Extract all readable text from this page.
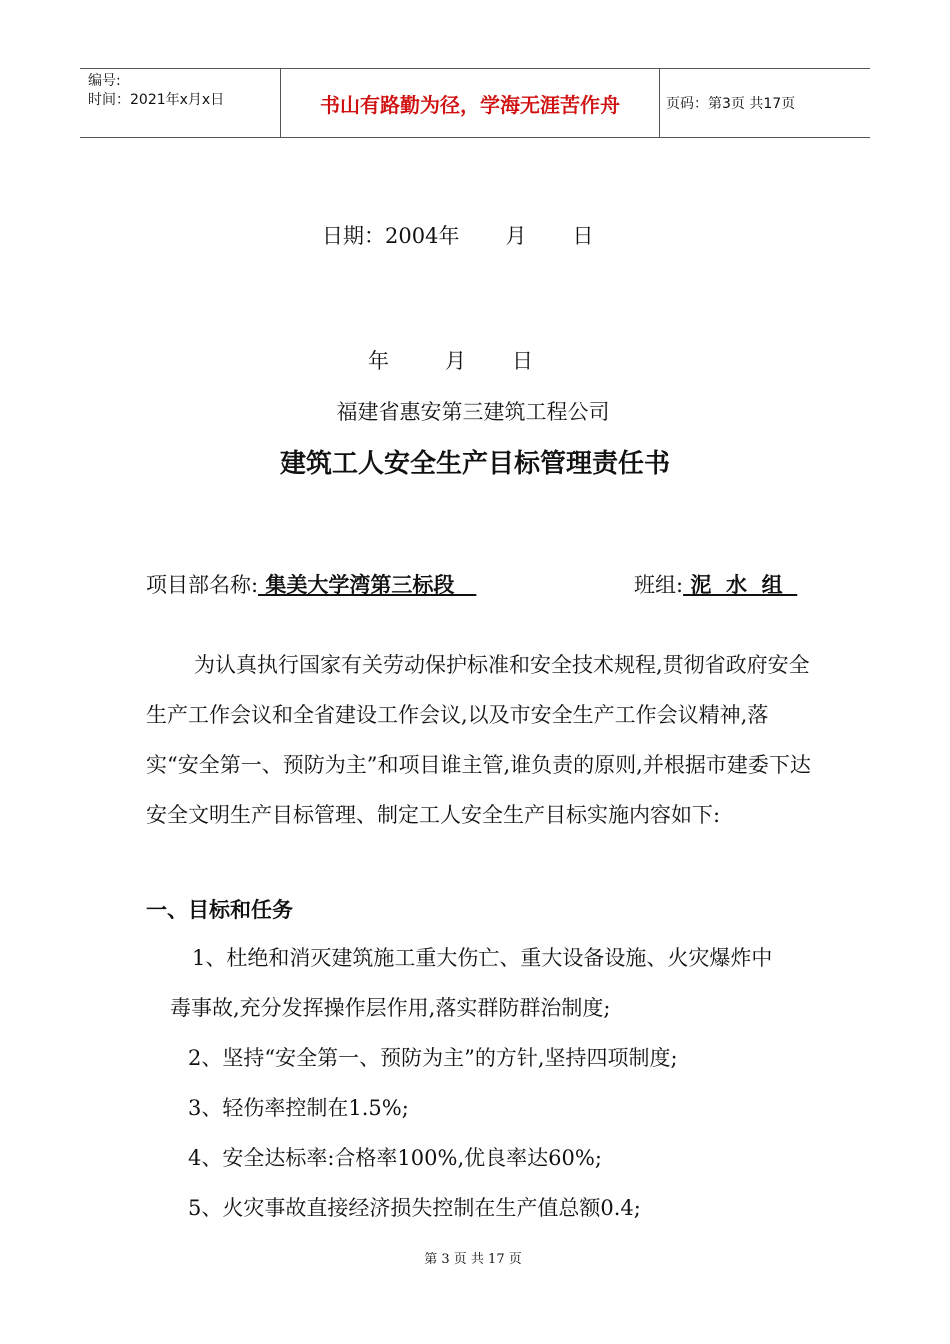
编号:
时间：2021年x月x日	书山有路勤为径，学海无涯苦作舟	页码：第3页 共17页
日期：2004年 月 日
年	月 日
福建省惠安第三建筑工程公司
建筑工人安全生产目标管理责任书
项目部名称: 集美大学湾第三标段	班组: 泥  水  组

为认真执行国家有关劳动保护标准和安全技术规程,贯彻省政府安全生产工作会议和全省建设工作会议,以及市安全生产工作会议精神,落实“安全第一、预防为主”和项目谁主管,谁负责的原则,并根据市建委下达安全文明生产目标管理、制定工人安全生产目标实施内容如下:

一、目标和任务
1、杜绝和消灭建筑施工重大伤亡、重大设备设施、火灾爆炸中
毒事故,充分发挥操作层作用,落实群防群治制度;
2、坚持“安全第一、预防为主”的方针,坚持四项制度;
3、轻伤率控制在1.5%;
4、安全达标率:合格率100%,优良率达60%;
5、火灾事故直接经济损失控制在生产值总额0.4;
第 3 页 共 17 页
